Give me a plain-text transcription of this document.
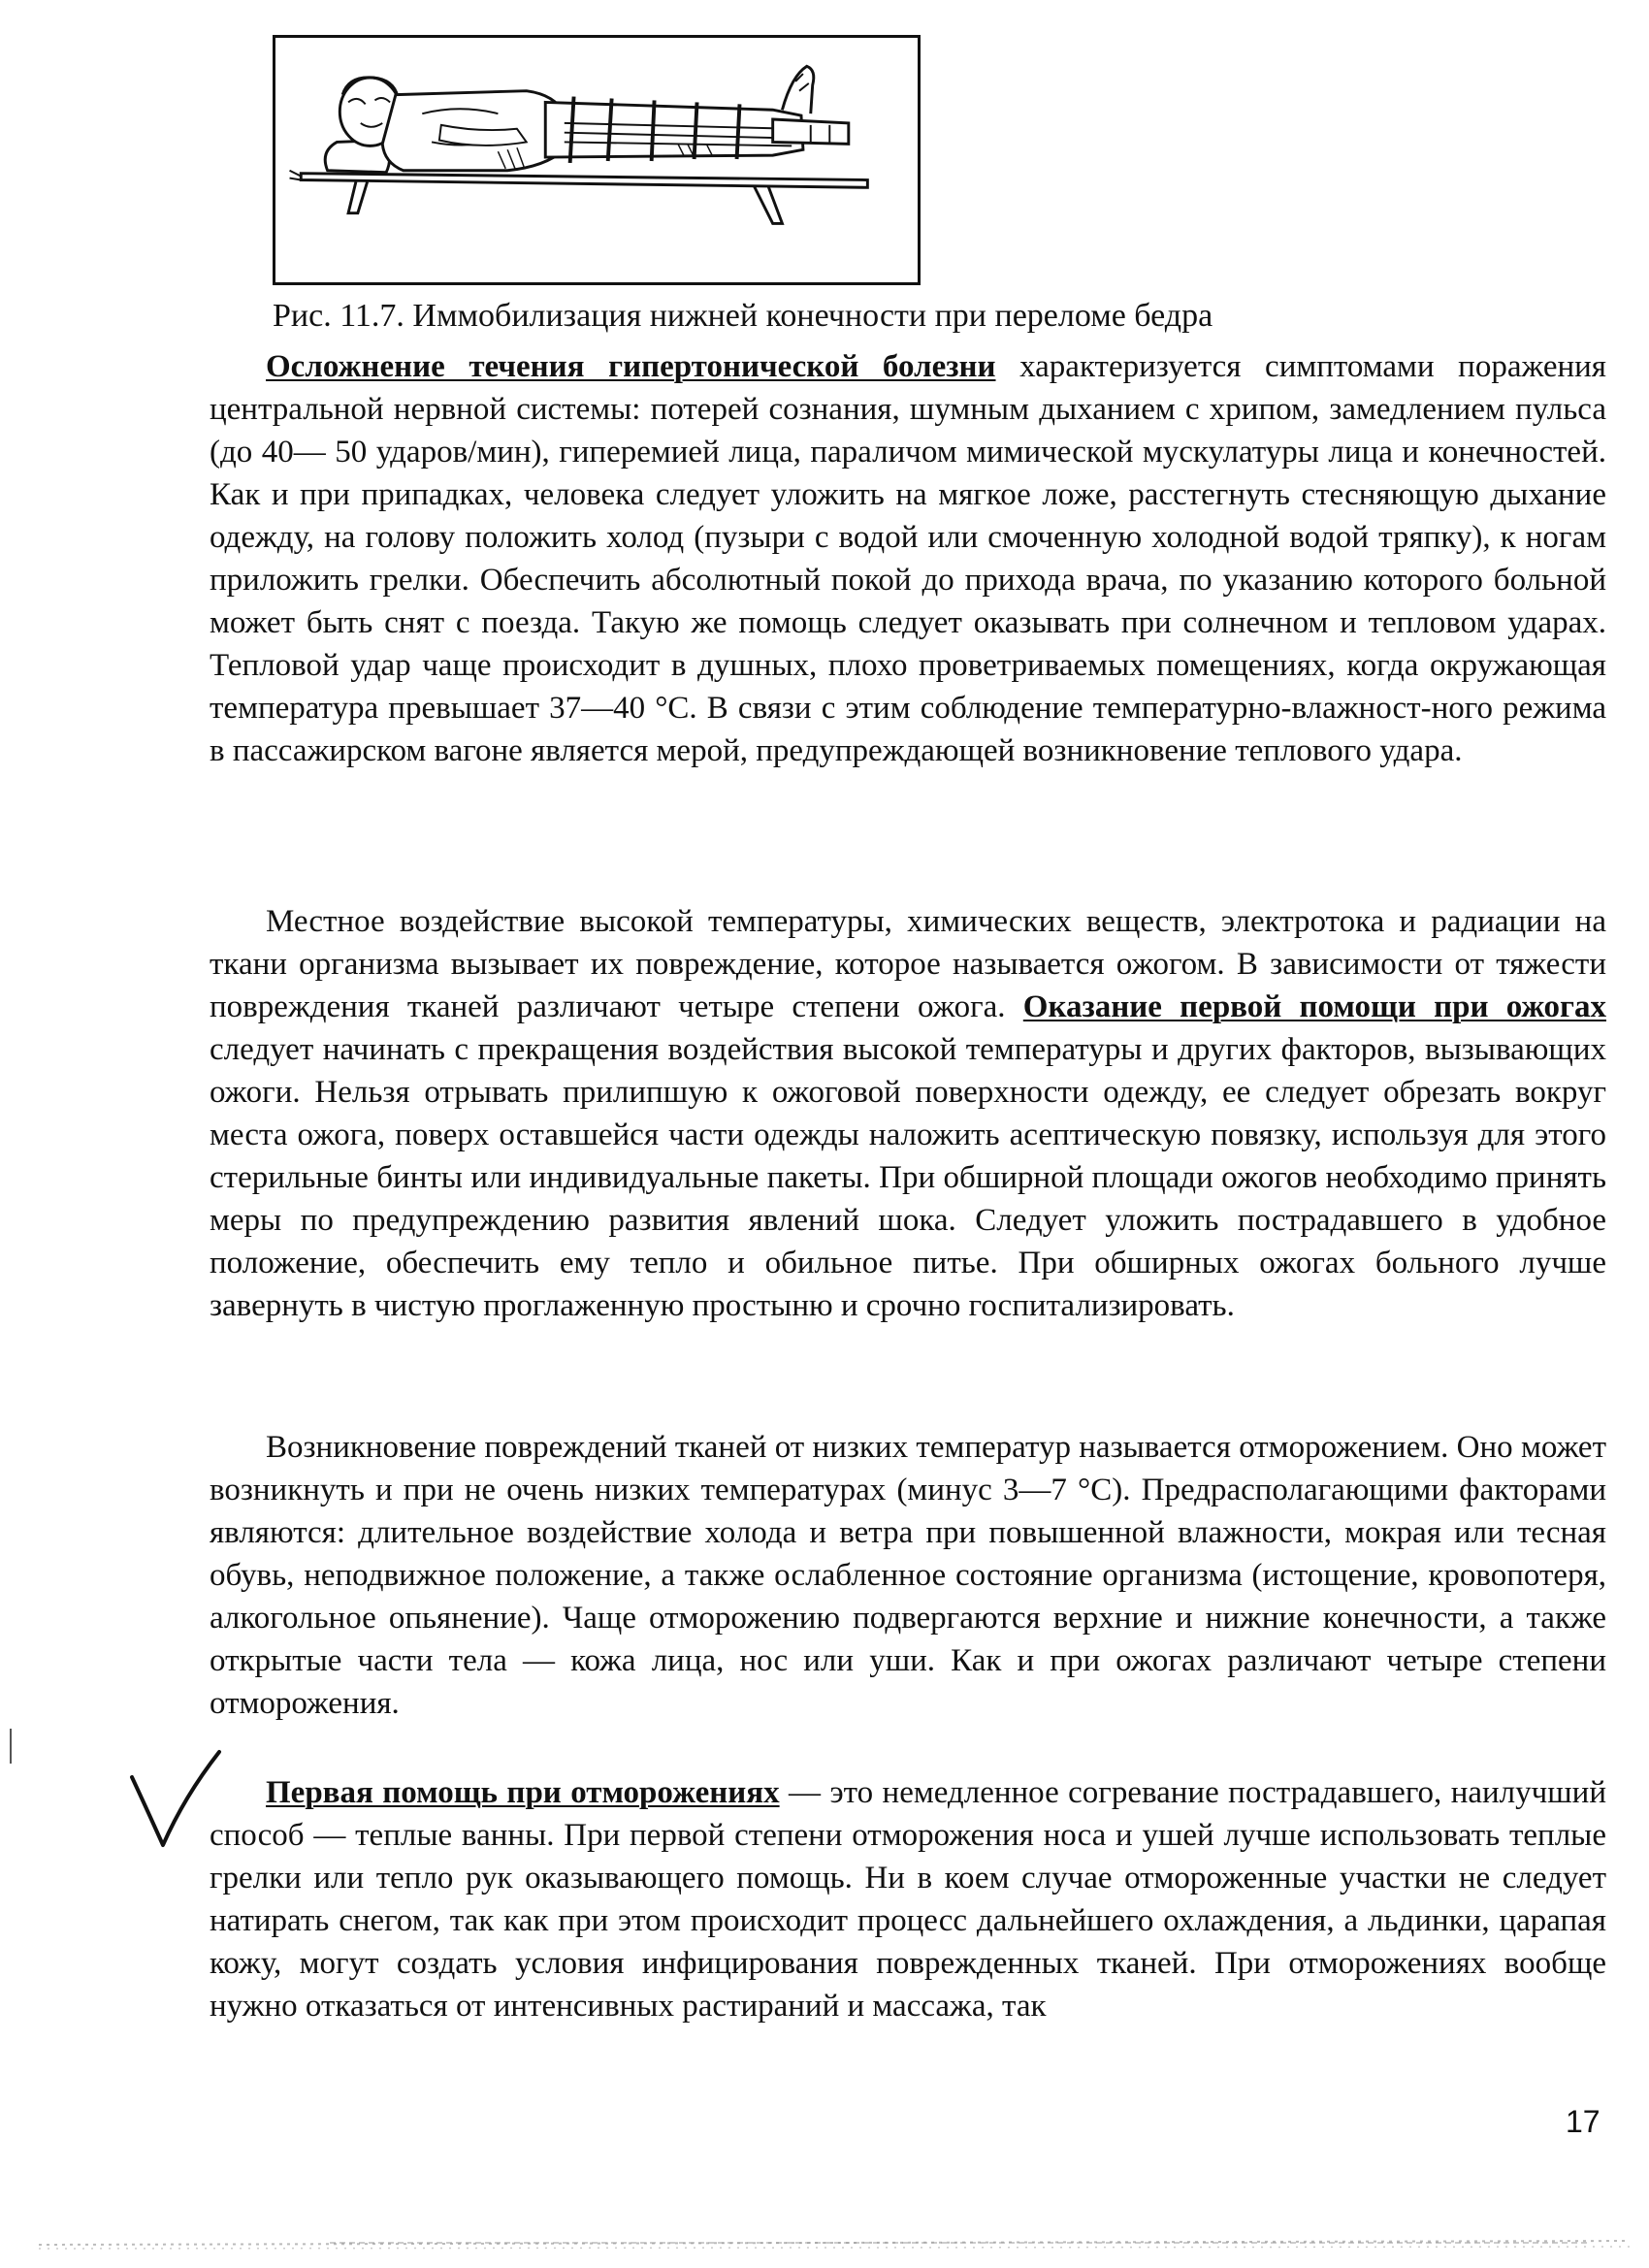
Рис. 11.7. Иммобилизация нижней конечности при переломе бедра

Осложнение течения гипертонической болезни характеризуется симптомами поражения центральной нервной системы: потерей сознания, шумным дыханием с хрипом, замедлением пульса (до 40— 50 ударов/мин), гиперемией лица, параличом мимической мускулатуры лица и конечностей. Как и при припадках, человека следует уложить на мягкое ложе, расстегнуть стесняющую дыхание одежду, на голову положить холод (пузыри с водой или смоченную холодной водой тряпку), к ногам приложить грелки. Обеспечить абсолютный покой до прихода врача, по указанию которого больной может быть снят с поезда. Такую же помощь следует оказывать при солнечном и тепловом ударах. Тепловой удар чаще происходит в душных, плохо проветриваемых помещениях, когда окружающая температура превышает 37—40 °С. В связи с этим соблюдение температурно-влажност-ного режима в пассажирском вагоне является мерой, предупреждающей возникновение теплового удара.

Местное воздействие высокой температуры, химических веществ, электротока и радиации на ткани организма вызывает их повреждение, которое называется ожогом. В зависимости от тяжести повреждения тканей различают четыре степени ожога. Оказание первой помощи при ожогах следует начинать с прекращения воздействия высокой температуры и других факторов, вызывающих ожоги. Нельзя отрывать прилипшую к ожоговой поверхности одежду, ее следует обрезать вокруг места ожога, поверх оставшейся части одежды наложить асептическую повязку, используя для этого стерильные бинты или индивидуальные пакеты. При обширной площади ожогов необходимо принять меры по предупреждению развития явлений шока. Следует уложить пострадавшего в удобное положение, обеспечить ему тепло и обильное питье. При обширных ожогах больного лучше завернуть в чистую проглаженную простыню и срочно госпитализировать.

Возникновение повреждений тканей от низких температур называется отморожением. Оно может возникнуть и при не очень низких температурах (минус 3—7 °С). Предрасполагающими факторами являются: длительное воздействие холода и ветра при повышенной влажности, мокрая или тесная обувь, неподвижное положение, а также ослабленное состояние организма (истощение, кровопотеря, алкогольное опьянение). Чаще отморожению подвергаются верхние и нижние конечности, а также открытые части тела — кожа лица, нос или уши. Как и при ожогах различают четыре степени отморожения.

Первая помощь при отморожениях — это немедленное согревание пострадавшего, наилучший способ — теплые ванны. При первой степени отморожения носа и ушей лучше использовать теплые грелки или тепло рук оказывающего помощь. Ни в коем случае отмороженные участки не следует натирать снегом, так как при этом происходит процесс дальнейшего охлаждения, а льдинки, царапая кожу, могут создать условия инфицирования поврежденных тканей. При отморожениях вообще нужно отказаться от интенсивных растираний и массажа, так

17
